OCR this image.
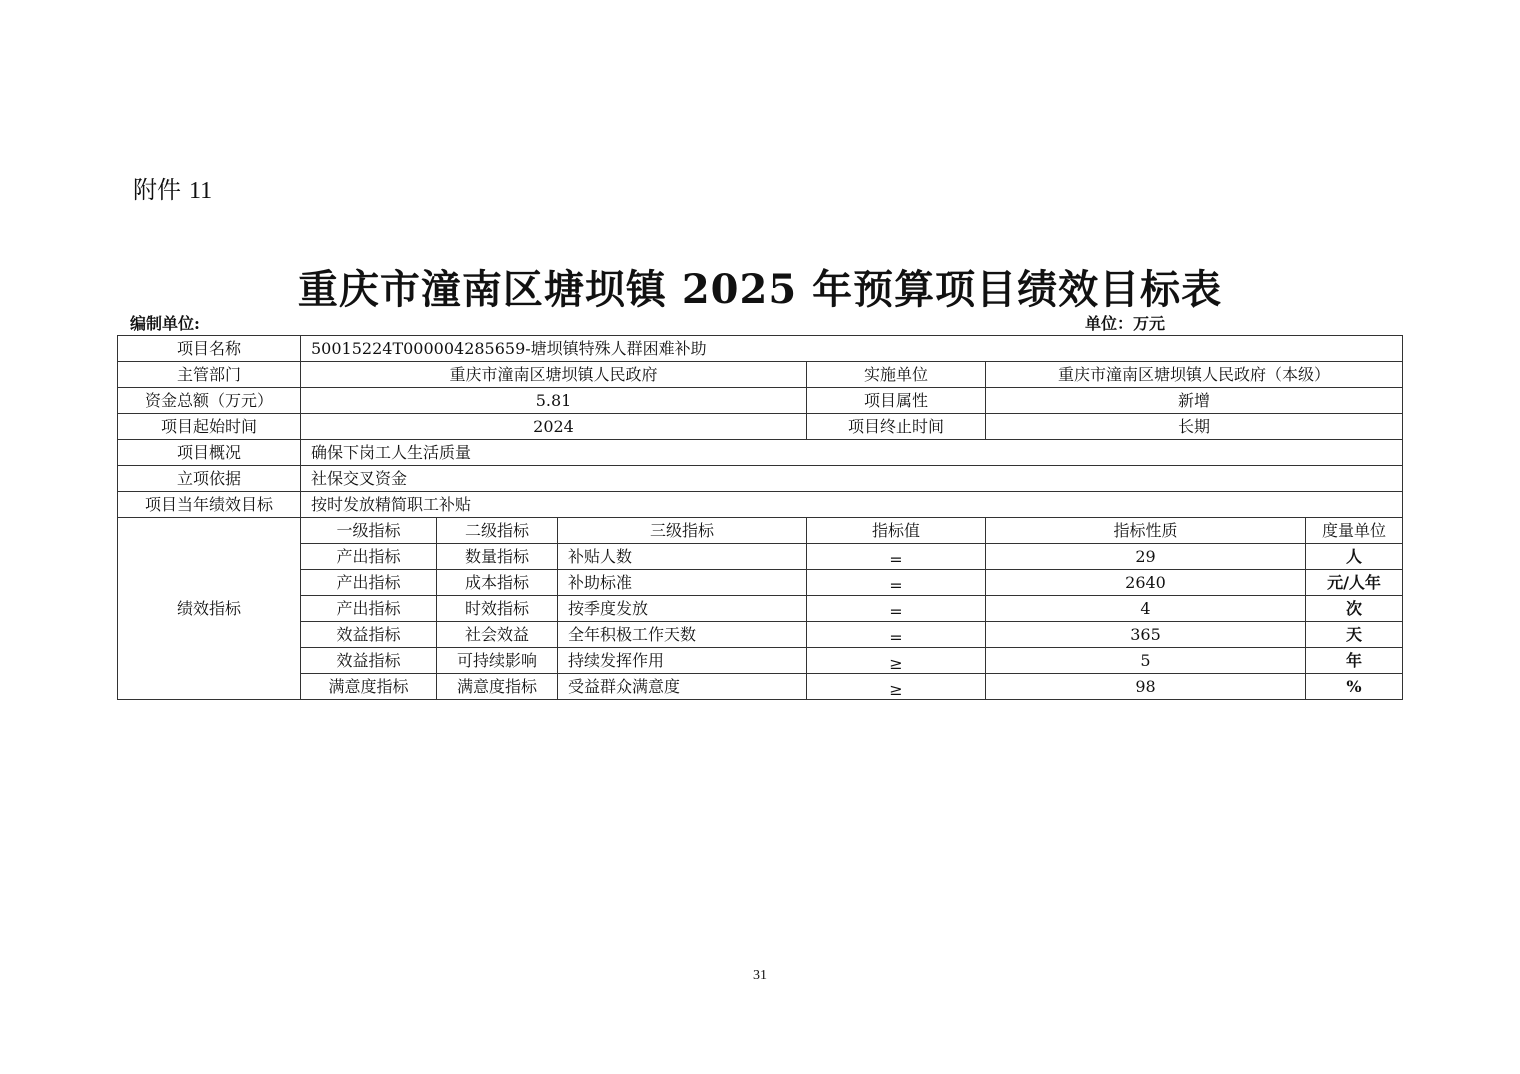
附件 11
重庆市潼南区塘坝镇 2025 年预算项目绩效目标表
编制单位:	单位：万元
项目名称	50015224T000004285659-塘坝镇特殊人群困难补助					
主管部门	重庆市潼南区塘坝镇人民政府			实施单位	重庆市潼南区塘坝镇人民政府（本级）	
资金总额（万元）	5.81			项目属性	新增	
项目起始时间	2024			项目终止时间	长期	
项目概况	确保下岗工人生活质量					
立项依据	社保交叉资金					
项目当年绩效目标	按时发放精简职工补贴					
绩效指标	一级指标	二级指标	三级指标	指标值	指标性质	度量单位
	产出指标	数量指标	补贴人数	=	29	人
	产出指标	成本指标	补助标准	=	2640	元/人年
	产出指标	时效指标	按季度发放	=	4	次
	效益指标	社会效益	全年积极工作天数	=	365	天
	效益指标	可持续影响	持续发挥作用	≥	5	年
	满意度指标	满意度指标	受益群众满意度	≥	98	%
31
